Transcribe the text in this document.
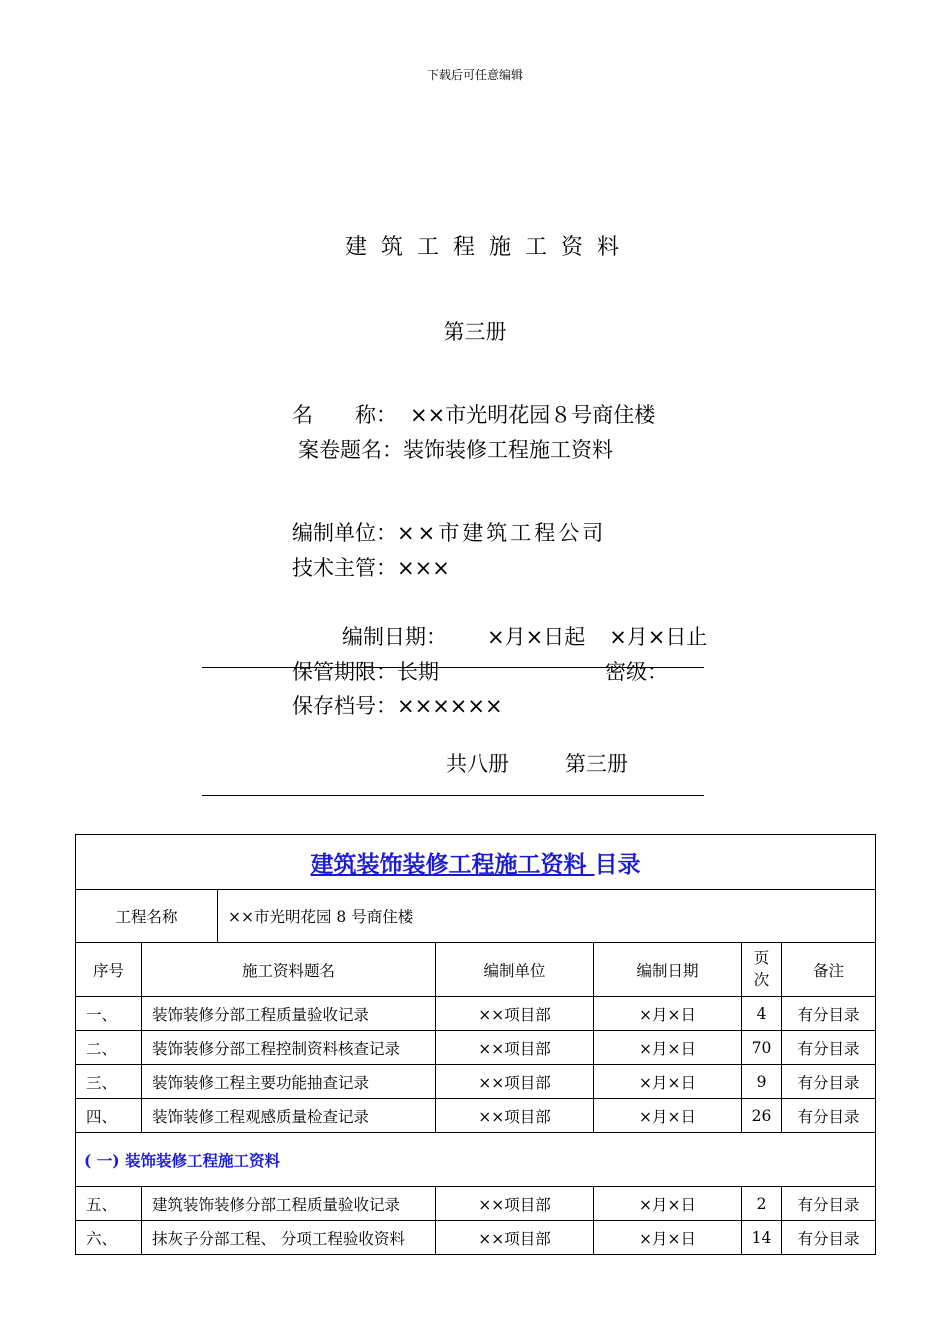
下载后可任意编辑
建筑工程施工资料
第三册
名　　称： ××市光明花园８号商住楼
案卷题名：装饰装修工程施工资料
编制单位：××市建筑工程公司
技术主管：×××
编制日期： ×月×日起 ×月×日止
保管期限：长期	密级：
保存档号：××××××
共八册	第三册
建筑装饰装修工程施工资料 目录						
工程名称		××市光明花园 8 号商住楼				
序号	施工资料题名		编制单位	编制日期	页次	备注
一、	装饰装修分部工程质量验收记录		××项目部	×月×日	4	有分目录
二、	装饰装修分部工程控制资料核查记录		××项目部	×月×日	70	有分目录
三、	装饰装修工程主要功能抽查记录		××项目部	×月×日	9	有分目录
四、	装饰装修工程观感质量检查记录		××项目部	×月×日	26	有分目录
( 一) 装饰装修工程施工资料						
五、	建筑装饰装修分部工程质量验收记录		××项目部	×月×日	2	有分目录
六、	抹灰子分部工程、 分项工程验收资料		××项目部	×月×日	14	有分目录
